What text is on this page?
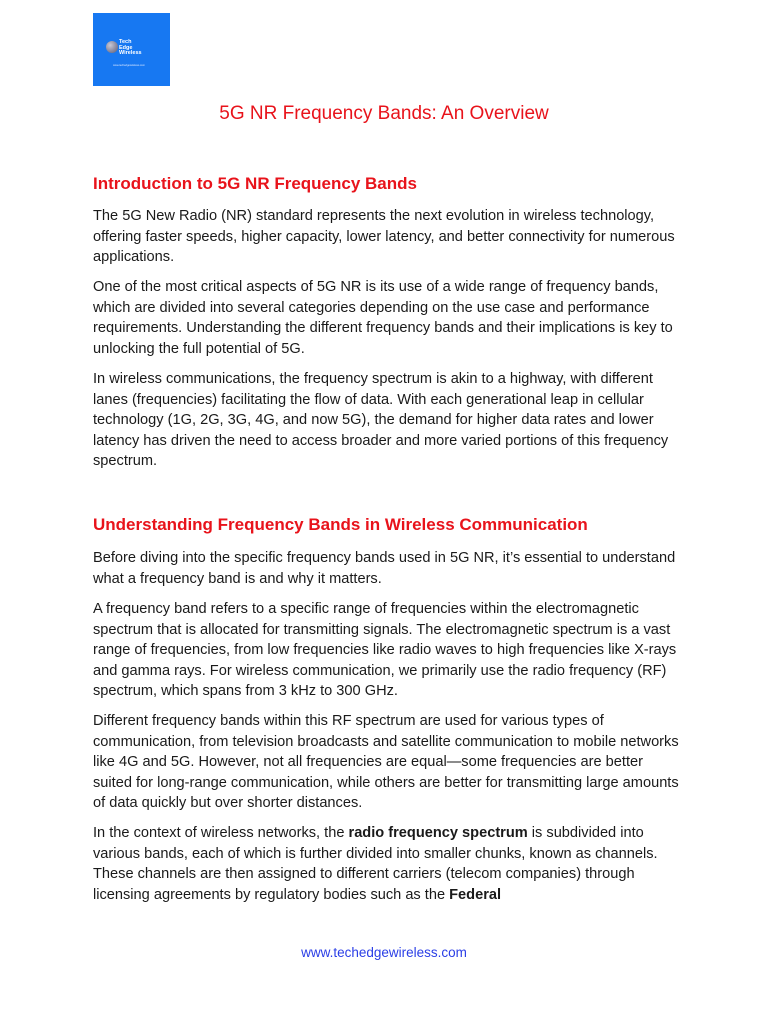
Tech
Edge
Wireless
www.techedgewireless.com
5G NR Frequency Bands: An Overview
Introduction to 5G NR Frequency Bands

The 5G New Radio (NR) standard represents the next evolution in wireless technology, offering faster speeds, higher capacity, lower latency, and better connectivity for numerous applications.

One of the most critical aspects of 5G NR is its use of a wide range of frequency bands, which are divided into several categories depending on the use case and performance requirements. Understanding the different frequency bands and their implications is key to unlocking the full potential of 5G.

In wireless communications, the frequency spectrum is akin to a highway, with different lanes (frequencies) facilitating the flow of data. With each generational leap in cellular technology (1G, 2G, 3G, 4G, and now 5G), the demand for higher data rates and lower latency has driven the need to access broader and more varied portions of this frequency spectrum.

Understanding Frequency Bands in Wireless Communication

Before diving into the specific frequency bands used in 5G NR, it’s essential to understand what a frequency band is and why it matters.

A frequency band refers to a specific range of frequencies within the electromagnetic spectrum that is allocated for transmitting signals. The electromagnetic spectrum is a vast range of frequencies, from low frequencies like radio waves to high frequencies like X-rays and gamma rays. For wireless communication, we primarily use the radio frequency (RF) spectrum, which spans from 3 kHz to 300 GHz.

Different frequency bands within this RF spectrum are used for various types of communication, from television broadcasts and satellite communication to mobile networks like 4G and 5G. However, not all frequencies are equal—some frequencies are better suited for long-range communication, while others are better for transmitting large amounts of data quickly but over shorter distances.

In the context of wireless networks, the radio frequency spectrum is subdivided into various bands, each of which is further divided into smaller chunks, known as channels. These channels are then assigned to different carriers (telecom companies) through licensing agreements by regulatory bodies such as the Federal

www.techedgewireless.com
